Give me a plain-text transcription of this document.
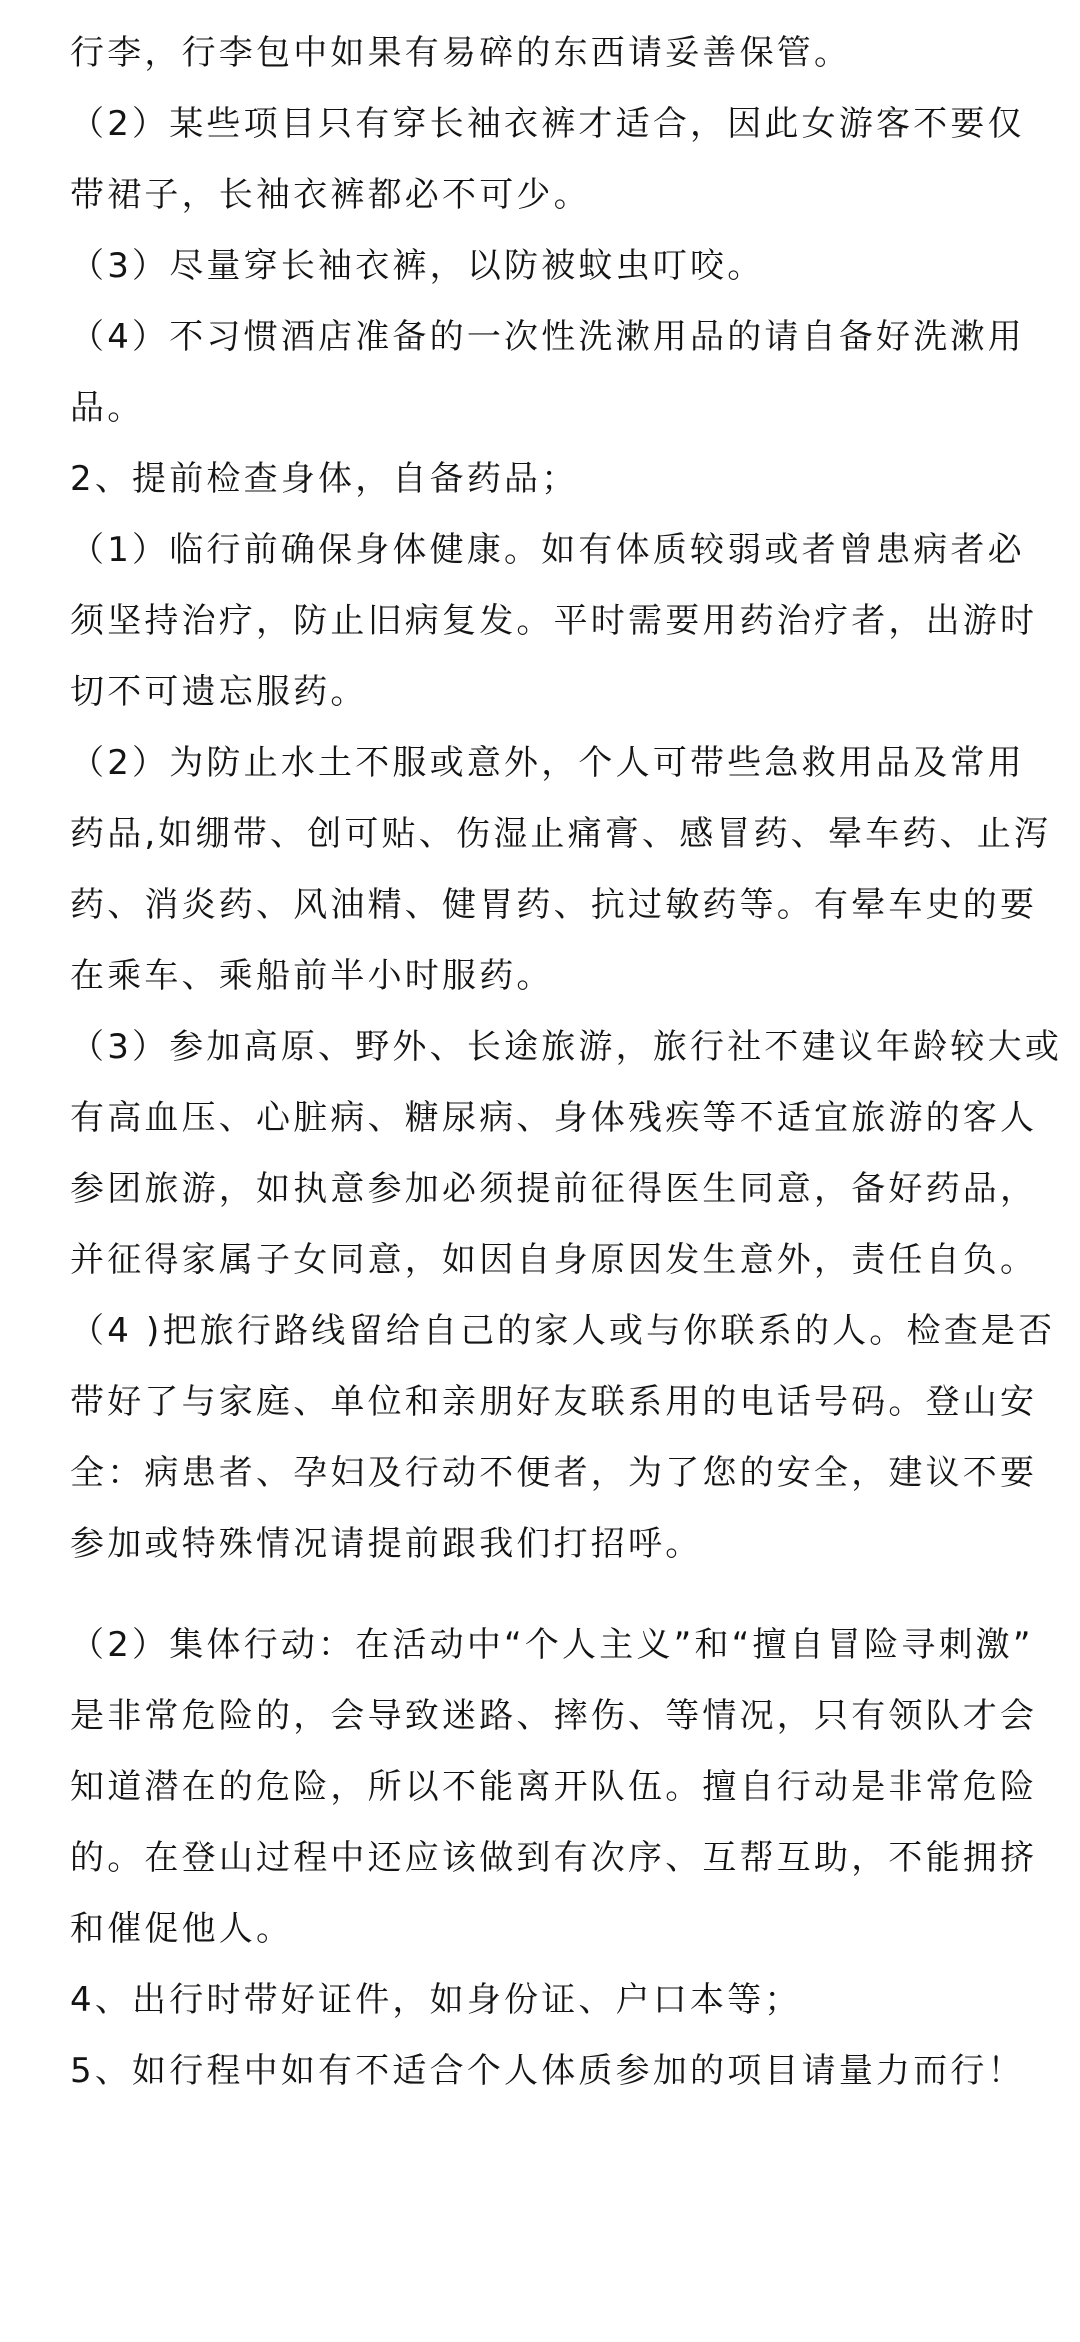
行李，行李包中如果有易碎的东西请妥善保管。
（2）某些项目只有穿长袖衣裤才适合，因此女游客不要仅
带裙子，长袖衣裤都必不可少。
（3）尽量穿长袖衣裤，以防被蚊虫叮咬。
（4）不习惯酒店准备的一次性洗漱用品的请自备好洗漱用
品。
2、提前检查身体，自备药品；
（1）临行前确保身体健康。如有体质较弱或者曾患病者必
须坚持治疗，防止旧病复发。平时需要用药治疗者，出游时
切不可遗忘服药。
（2）为防止水土不服或意外，个人可带些急救用品及常用
药品,如绷带、创可贴、伤湿止痛膏、感冒药、晕车药、止泻
药、消炎药、风油精、健胃药、抗过敏药等。有晕车史的要
在乘车、乘船前半小时服药。
（3）参加高原、野外、长途旅游，旅行社不建议年龄较大或
有高血压、心脏病、糖尿病、身体残疾等不适宜旅游的客人
参团旅游，如执意参加必须提前征得医生同意，备好药品，
并征得家属子女同意，如因自身原因发生意外，责任自负。
（4 )把旅行路线留给自己的家人或与你联系的人。检查是否
带好了与家庭、单位和亲朋好友联系用的电话号码。登山安
全：病患者、孕妇及行动不便者，为了您的安全，建议不要
参加或特殊情况请提前跟我们打招呼。
（2）集体行动：在活动中“个人主义”和“擅自冒险寻刺激”
是非常危险的，会导致迷路、摔伤、等情况，只有领队才会
知道潜在的危险，所以不能离开队伍。擅自行动是非常危险
的。在登山过程中还应该做到有次序、互帮互助，不能拥挤
和催促他人。
4、出行时带好证件，如身份证、户口本等；
5、如行程中如有不适合个人体质参加的项目请量力而行！
